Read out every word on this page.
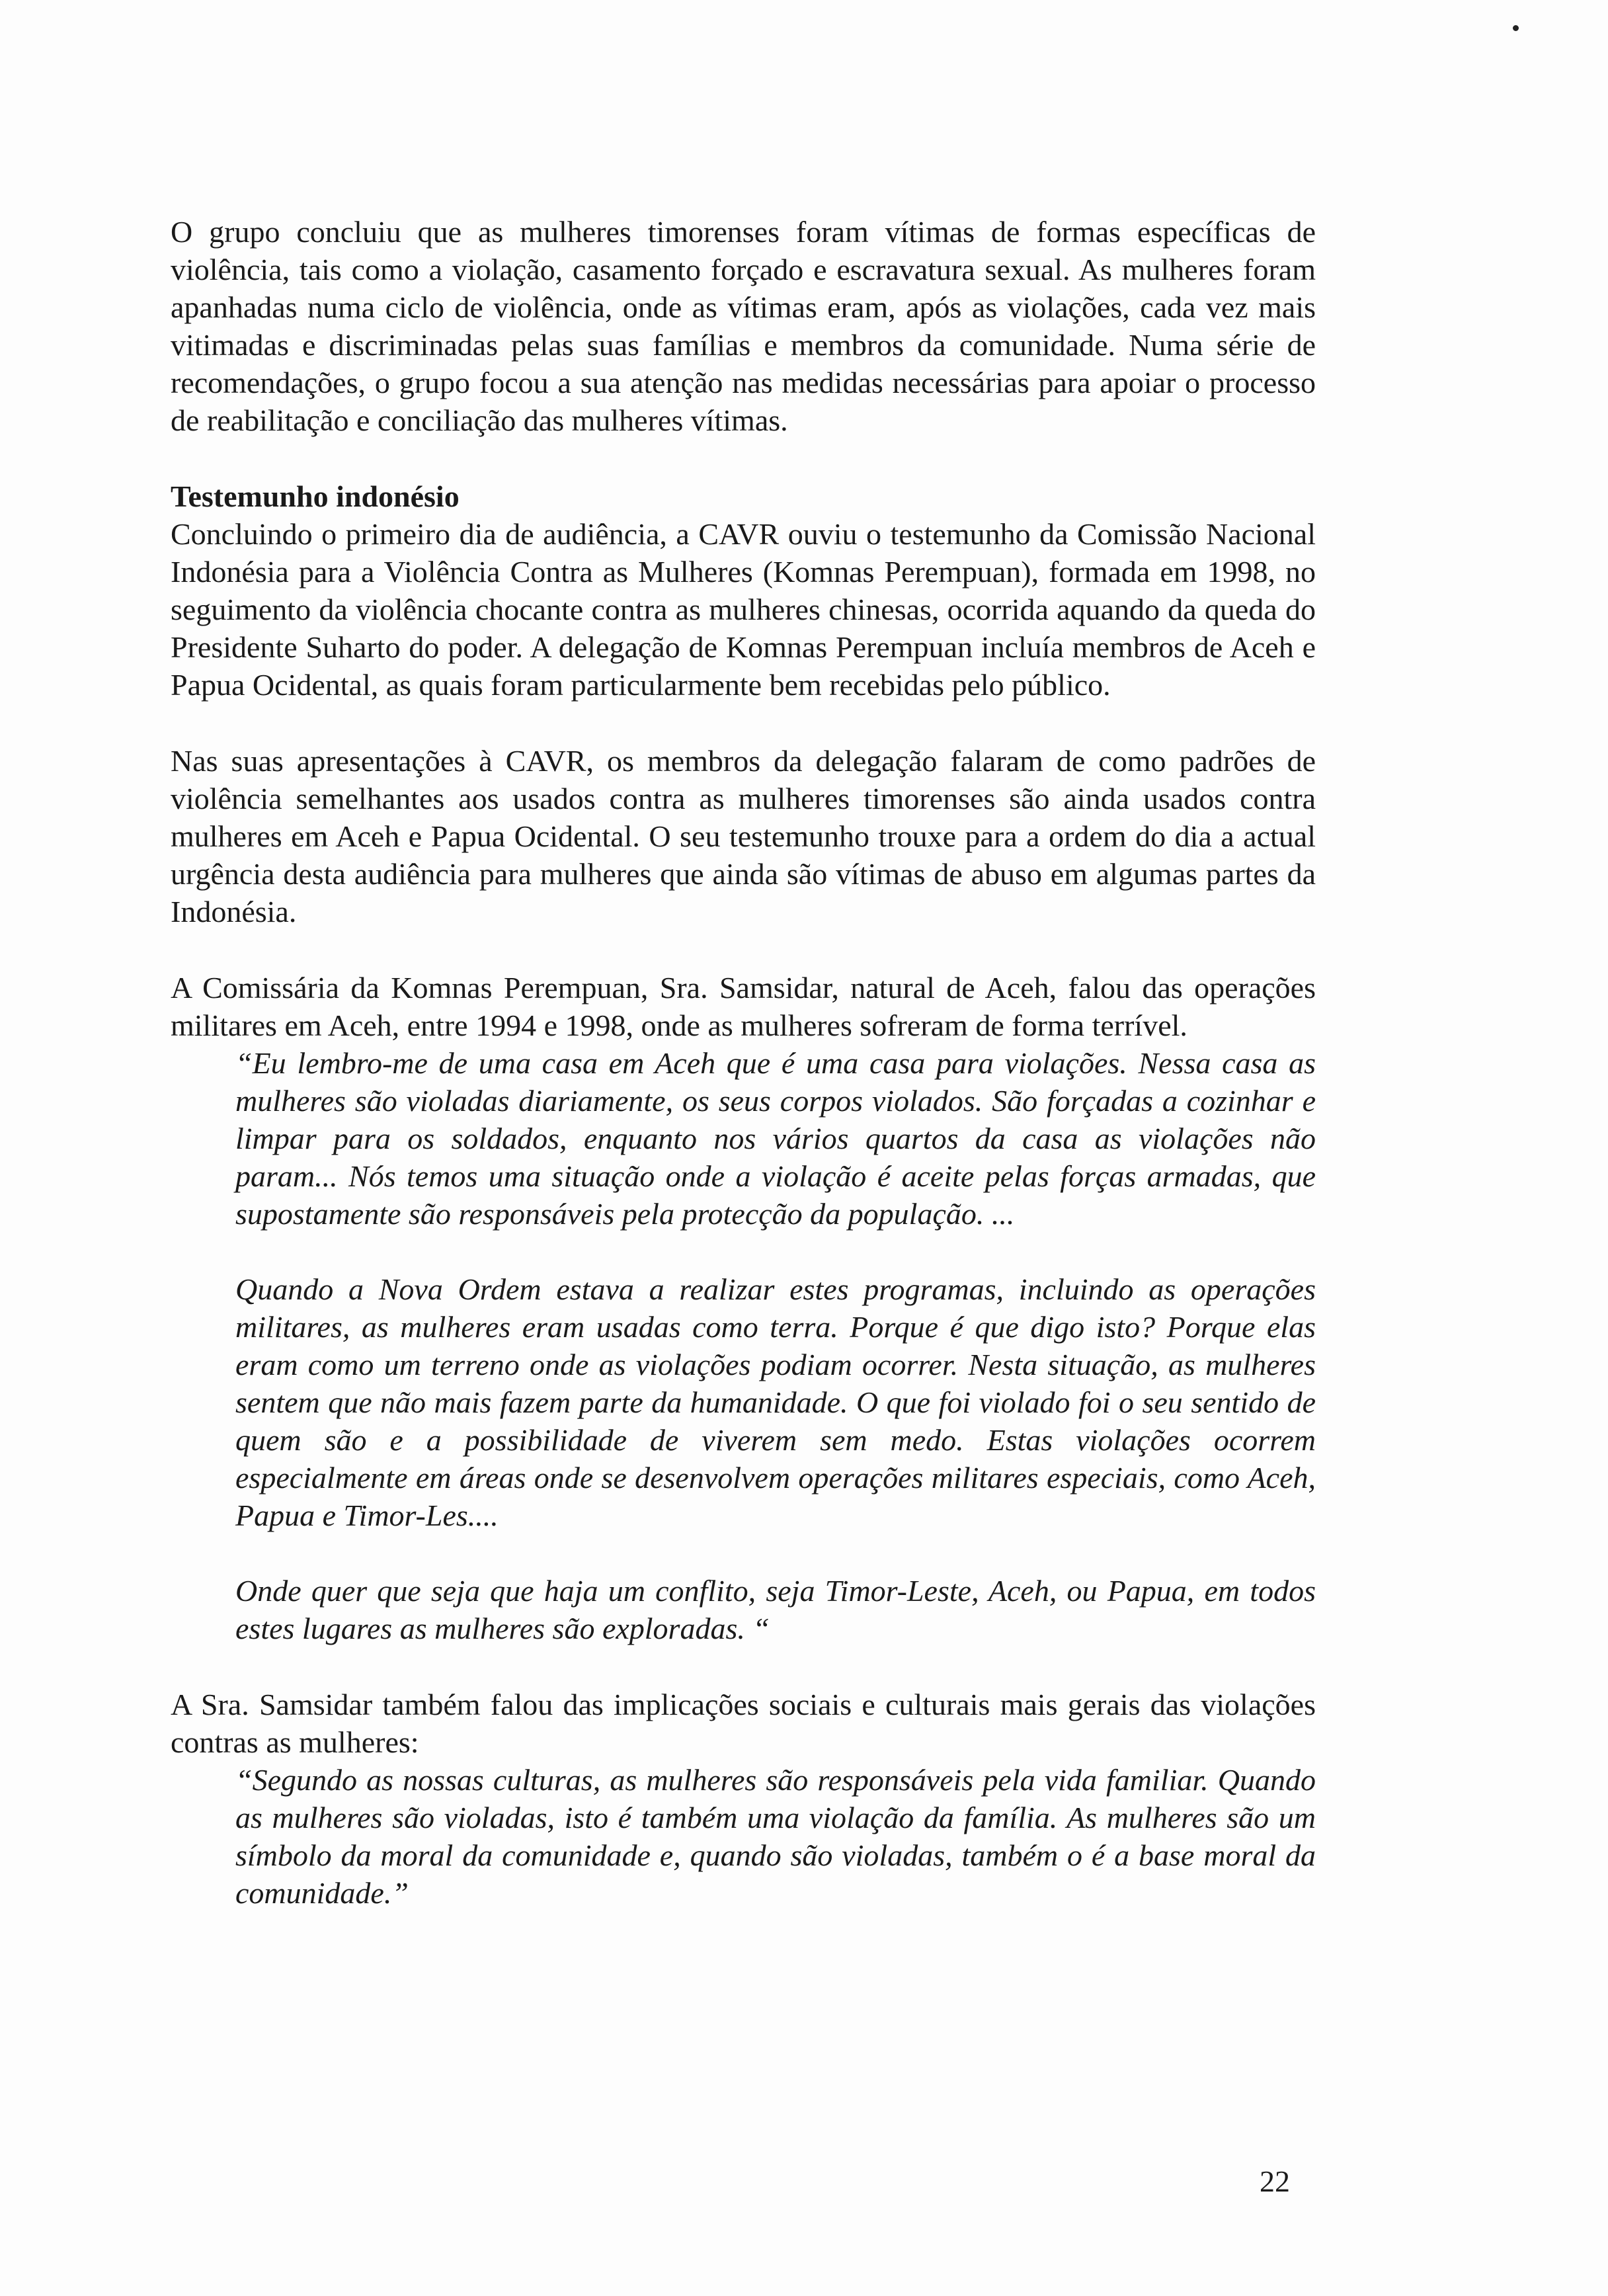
O grupo concluiu que as mulheres timorenses foram vítimas de formas específicas de violência, tais como a violação, casamento forçado e escravatura sexual. As mulheres foram apanhadas numa ciclo de violência, onde as vítimas eram, após as violações, cada vez mais vitimadas e discriminadas pelas suas famílias e membros da comunidade. Numa série de recomendações, o grupo focou a sua atenção nas medidas necessárias para apoiar o processo de reabilitação e conciliação das mulheres vítimas.

Testemunho indonésio

Concluindo o primeiro dia de audiência, a CAVR ouviu o testemunho da Comissão Nacional Indonésia para a Violência Contra as Mulheres (Komnas Perempuan), formada em 1998, no seguimento da violência chocante contra as mulheres chinesas, ocorrida aquando da queda do Presidente Suharto do poder. A delegação de Komnas Perempuan incluía membros de Aceh e Papua Ocidental, as quais foram particularmente bem recebidas pelo público.

Nas suas apresentações à CAVR, os membros da delegação falaram de como padrões de violência semelhantes aos usados contra as mulheres timorenses são ainda usados contra mulheres em Aceh e Papua Ocidental. O seu testemunho trouxe para a ordem do dia a actual urgência desta audiência para mulheres que ainda são vítimas de abuso em algumas partes da Indonésia.

A Comissária da Komnas Perempuan, Sra. Samsidar, natural de Aceh, falou das operações militares em Aceh, entre 1994 e 1998, onde as mulheres sofreram de forma terrível.

“Eu lembro-me de uma casa em Aceh que é uma casa para violações. Nessa casa as mulheres são violadas diariamente, os seus corpos violados. São forçadas a cozinhar e limpar para os soldados, enquanto nos vários quartos da casa as violações não param... Nós temos uma situação onde a violação é aceite pelas forças armadas, que supostamente são responsáveis pela protecção da população. ...

Quando a Nova Ordem estava a realizar estes programas, incluindo as operações militares, as mulheres eram usadas como terra. Porque é que digo isto? Porque elas eram como um terreno onde as violações podiam ocorrer. Nesta situação, as mulheres sentem que não mais fazem parte da humanidade. O que foi violado foi o seu sentido de quem são e a possibilidade de viverem sem medo. Estas violações ocorrem especialmente em áreas onde se desenvolvem operações militares especiais, como Aceh, Papua e Timor-Les....

Onde quer que seja que haja um conflito, seja Timor-Leste, Aceh, ou Papua, em todos estes lugares as mulheres são exploradas. “

A Sra. Samsidar também falou das implicações sociais e culturais mais gerais das violações contras as mulheres:

“Segundo as nossas culturas, as mulheres são responsáveis pela vida familiar. Quando as mulheres são violadas, isto é também uma violação da família. As mulheres são um símbolo da moral da comunidade e, quando são violadas, também o é a base moral da comunidade.”

22
